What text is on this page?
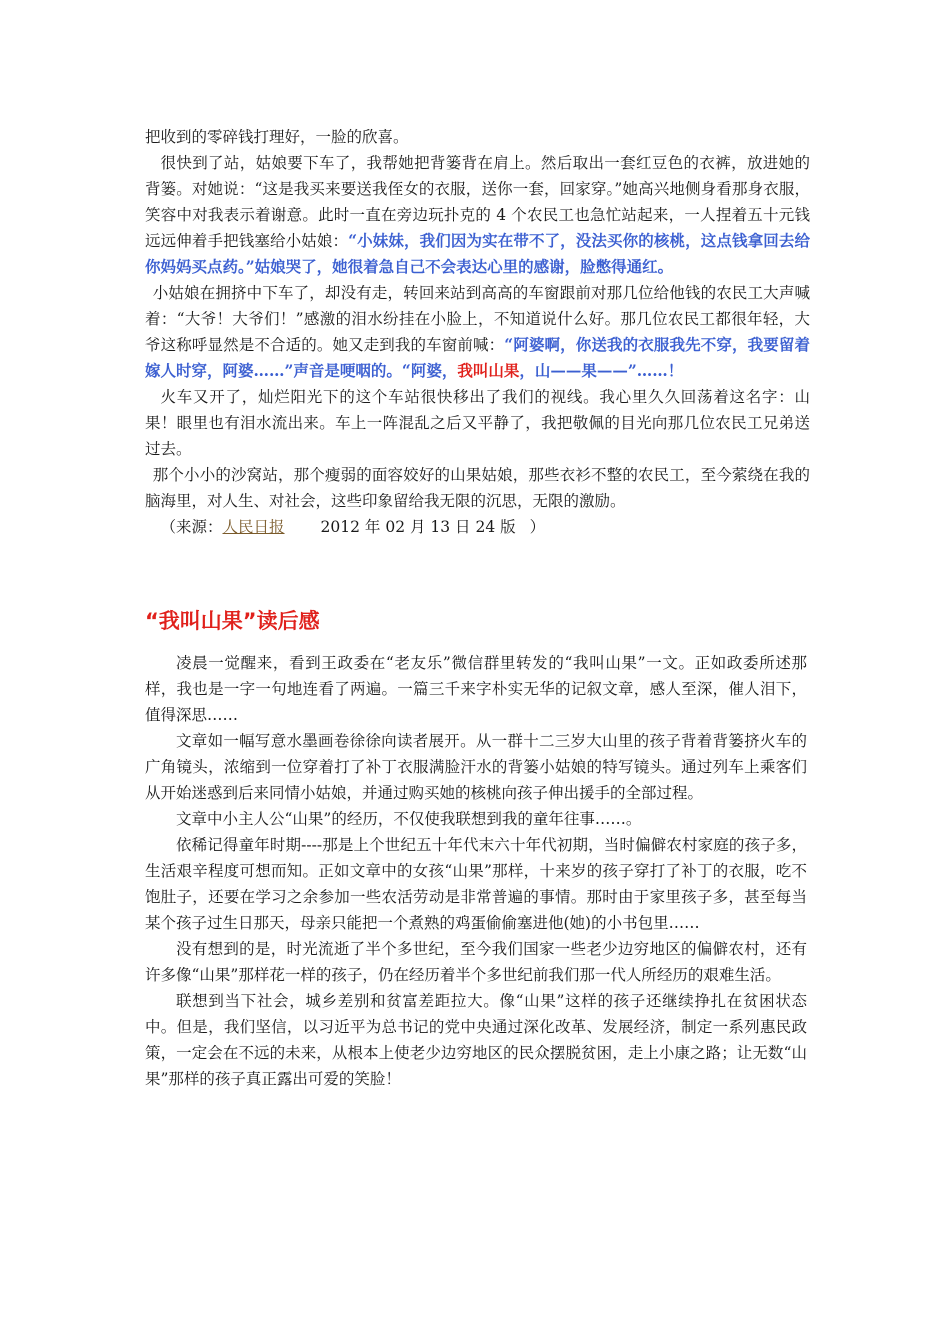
把收到的零碎钱打理好，一脸的欣喜。

很快到了站，姑娘要下车了，我帮她把背篓背在肩上。然后取出一套红豆色的衣裤，放进她的背篓。对她说：“这是我买来要送我侄女的衣服，送你一套，回家穿。”她高兴地侧身看那身衣服，笑容中对我表示着谢意。此时一直在旁边玩扑克的 4 个农民工也急忙站起来，一人捏着五十元钱远远伸着手把钱塞给小姑娘：“小妹妹，我们因为实在带不了，没法买你的核桃，这点钱拿回去给你妈妈买点药。”姑娘哭了，她很着急自己不会表达心里的感谢，脸憋得通红。

小姑娘在拥挤中下车了，却没有走，转回来站到高高的车窗跟前对那几位给他钱的农民工大声喊着：“大爷！大爷们！”感激的泪水纷挂在小脸上，不知道说什么好。那几位农民工都很年轻，大爷这称呼显然是不合适的。她又走到我的车窗前喊：“阿婆啊，你送我的衣服我先不穿，我要留着嫁人时穿，阿婆……”声音是哽咽的。“阿婆，我叫山果，山——果——”……！

火车又开了，灿烂阳光下的这个车站很快移出了我们的视线。我心里久久回荡着这名字：山果！眼里也有泪水流出来。车上一阵混乱之后又平静了，我把敬佩的目光向那几位农民工兄弟送过去。

那个小小的沙窝站，那个瘦弱的面容姣好的山果姑娘，那些衣衫不整的农民工，至今萦绕在我的脑海里，对人生、对社会，这些印象留给我无限的沉思，无限的激励。

（来源：人民日报 2012 年 02 月 13 日 24 版 ）

“我叫山果”读后感

凌晨一觉醒来，看到王政委在“老友乐”微信群里转发的“我叫山果”一文。正如政委所述那样，我也是一字一句地连看了两遍。一篇三千来字朴实无华的记叙文章，感人至深，催人泪下，值得深思……

文章如一幅写意水墨画卷徐徐向读者展开。从一群十二三岁大山里的孩子背着背篓挤火车的广角镜头，浓缩到一位穿着打了补丁衣服满脸汗水的背篓小姑娘的特写镜头。通过列车上乘客们从开始迷惑到后来同情小姑娘，并通过购买她的核桃向孩子伸出援手的全部过程。

文章中小主人公“山果”的经历，不仅使我联想到我的童年往事……。

依稀记得童年时期----那是上个世纪五十年代末六十年代初期，当时偏僻农村家庭的孩子多，生活艰辛程度可想而知。正如文章中的女孩“山果”那样，十来岁的孩子穿打了补丁的衣服，吃不饱肚子，还要在学习之余参加一些农活劳动是非常普遍的事情。那时由于家里孩子多，甚至每当某个孩子过生日那天，母亲只能把一个煮熟的鸡蛋偷偷塞进他(她)的小书包里……

没有想到的是，时光流逝了半个多世纪，至今我们国家一些老少边穷地区的偏僻农村，还有许多像“山果”那样花一样的孩子，仍在经历着半个多世纪前我们那一代人所经历的艰难生活。

联想到当下社会，城乡差别和贫富差距拉大。像“山果”这样的孩子还继续挣扎在贫困状态中。但是，我们坚信，以习近平为总书记的党中央通过深化改革、发展经济，制定一系列惠民政策，一定会在不远的未来，从根本上使老少边穷地区的民众摆脱贫困，走上小康之路；让无数“山果”那样的孩子真正露出可爱的笑脸！
